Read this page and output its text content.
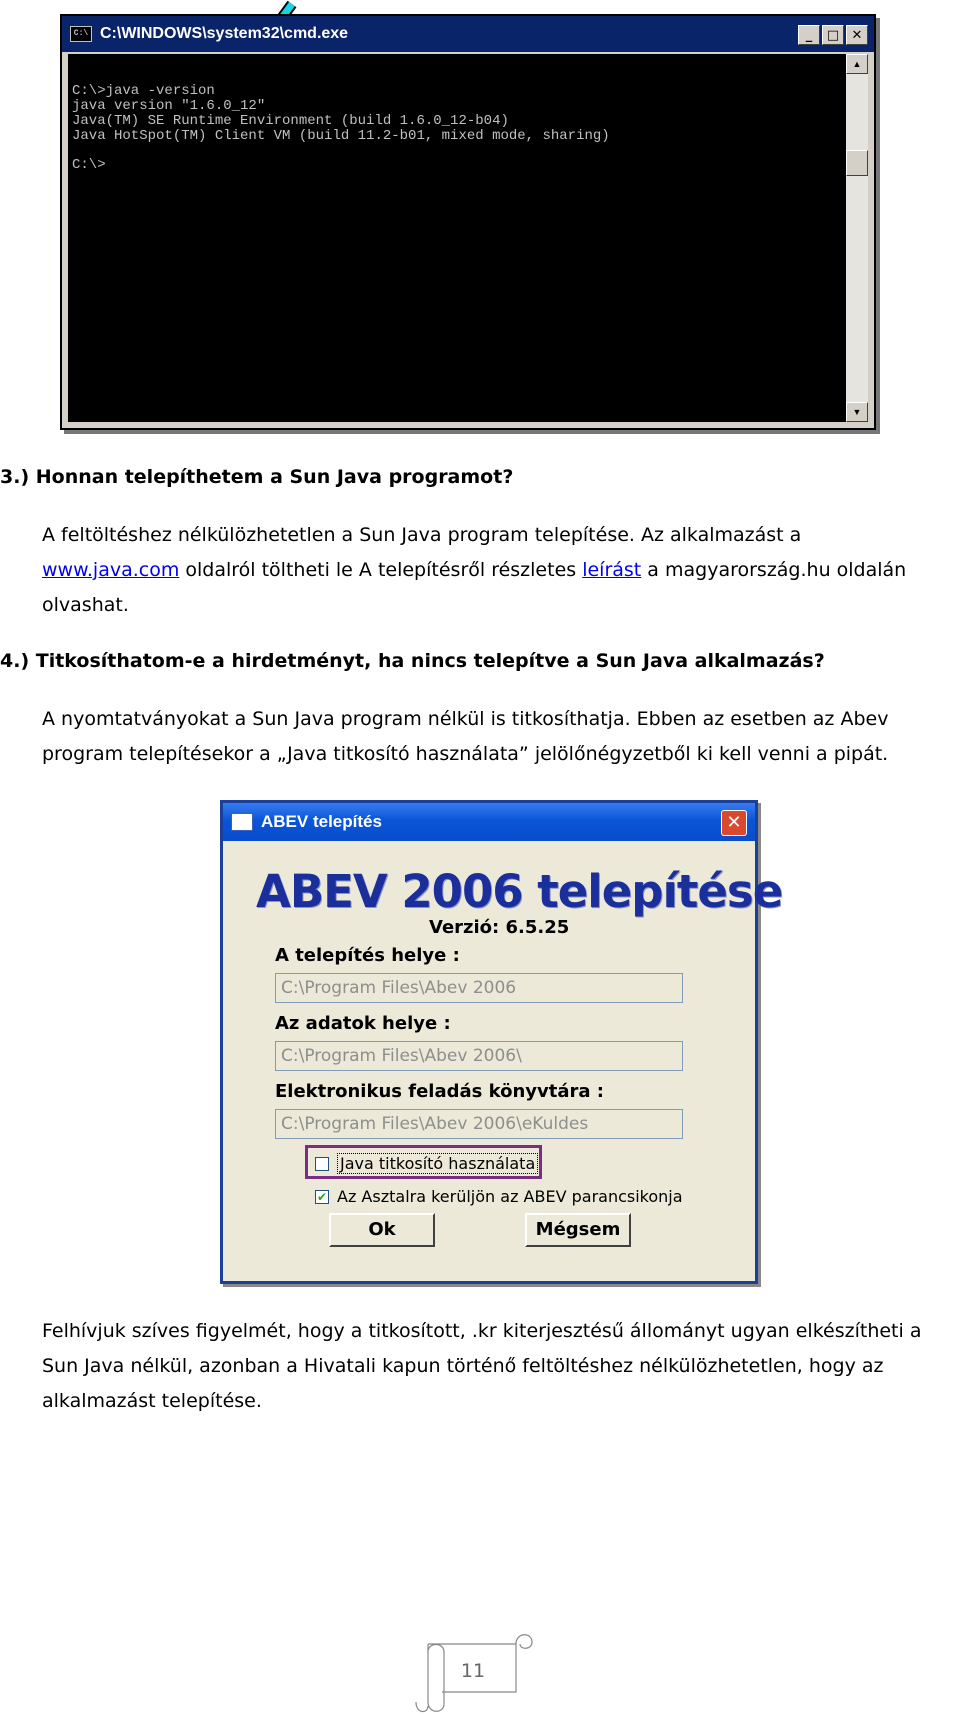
C:\ C:\WINDOWS\system32\cmd.exe	_	□ ✕
C:\>java -version
java version "1.6.0_12"
Java(TM) SE Runtime Environment (build 1.6.0_12-b04)
Java HotSpot(TM) Client VM (build 11.2-b01, mixed mode, sharing)
C:\>
▲
▼
3.) Honnan telepíthetem a Sun Java programot?
A feltöltéshez nélkülözhetetlen a Sun Java program telepítése. Az alkalmazást a
www.java.com oldalról töltheti le A telepítésről részletes leírást a magyarország.hu oldalán
olvashat.
4.) Titkosíthatom-e a hirdetményt, ha nincs telepítve a Sun Java alkalmazás?
A nyomtatványokat a Sun Java program nélkül is titkosíthatja. Ebben az esetben az Abev
program telepítésekor a „Java titkosító használata” jelölőnégyzetből ki kell venni a pipát.
ABEV telepítés	✕
ABEV 2006 telepítése
Verzió: 6.5.25
A telepítés helye :
C:\Program Files\Abev 2006
Az adatok helye :
C:\Program Files\Abev 2006\
Elektronikus feladás könyvtára :
C:\Program Files\Abev 2006\eKuldes
Java titkosító használata
✔ Az Asztalra kerüljön az ABEV parancsikonja
Ok	Mégsem
Felhívjuk szíves figyelmét, hogy a titkosított, .kr kiterjesztésű állományt ugyan elkészítheti a
Sun Java nélkül, azonban a Hivatali kapun történő feltöltéshez nélkülözhetetlen, hogy az
alkalmazást telepítése.
11
